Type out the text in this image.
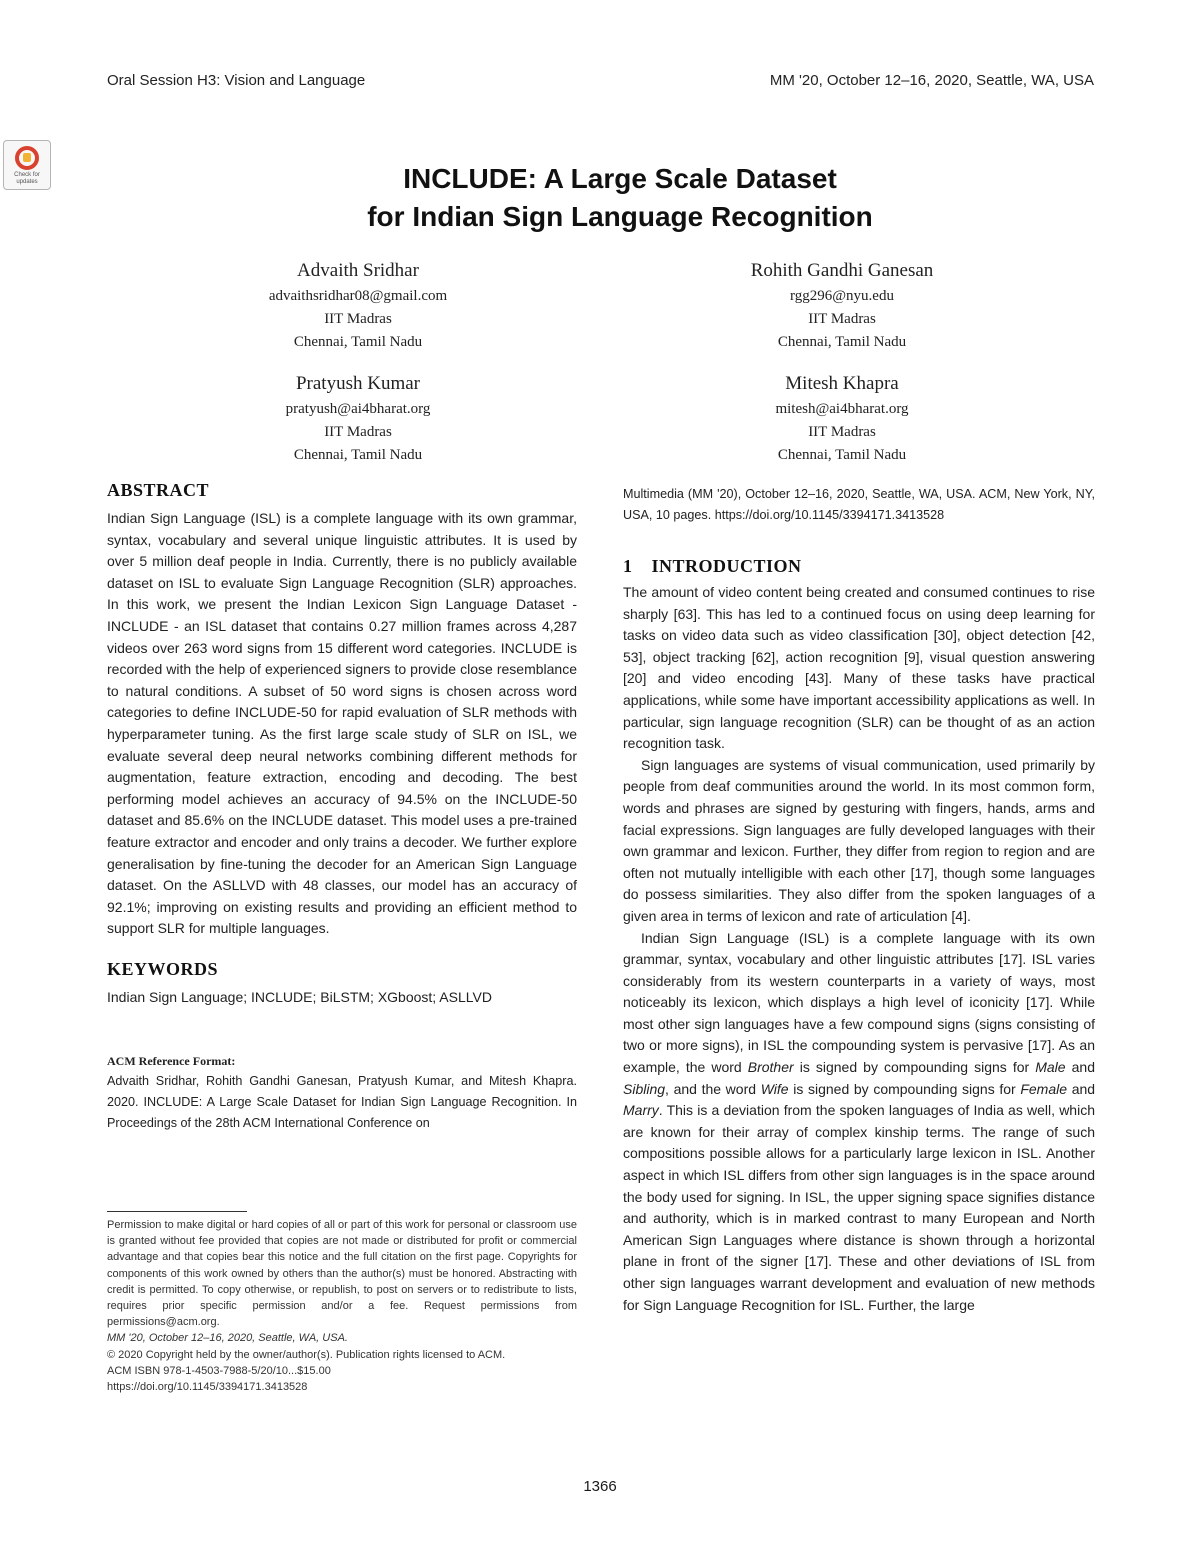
Oral Session H3: Vision and Language	MM '20, October 12–16, 2020, Seattle, WA, USA
Check for updates	INCLUDE: A Large Scale Dataset
for Indian Sign Language Recognition
Advaith Sridhar
advaithsridhar08@gmail.com
IIT Madras
Chennai, Tamil Nadu
Rohith Gandhi Ganesan
rgg296@nyu.edu
IIT Madras
Chennai, Tamil Nadu
Pratyush Kumar
pratyush@ai4bharat.org
IIT Madras
Chennai, Tamil Nadu
Mitesh Khapra
mitesh@ai4bharat.org
IIT Madras
Chennai, Tamil Nadu
ABSTRACT
Indian Sign Language (ISL) is a complete language with its own grammar, syntax, vocabulary and several unique linguistic attributes. It is used by over 5 million deaf people in India. Currently, there is no publicly available dataset on ISL to evaluate Sign Language Recognition (SLR) approaches. In this work, we present the Indian Lexicon Sign Language Dataset - INCLUDE - an ISL dataset that contains 0.27 million frames across 4,287 videos over 263 word signs from 15 different word categories. INCLUDE is recorded with the help of experienced signers to provide close resemblance to natural conditions. A subset of 50 word signs is chosen across word categories to define INCLUDE-50 for rapid evaluation of SLR methods with hyperparameter tuning. As the first large scale study of SLR on ISL, we evaluate several deep neural networks combining different methods for augmentation, feature extraction, encoding and decoding. The best performing model achieves an accuracy of 94.5% on the INCLUDE-50 dataset and 85.6% on the INCLUDE dataset. This model uses a pre-trained feature extractor and encoder and only trains a decoder. We further explore generalisation by fine-tuning the decoder for an American Sign Language dataset. On the ASLLVD with 48 classes, our model has an accuracy of 92.1%; improving on existing results and providing an efficient method to support SLR for multiple languages.
KEYWORDS
Indian Sign Language; INCLUDE; BiLSTM; XGboost; ASLLVD
ACM Reference Format:
Advaith Sridhar, Rohith Gandhi Ganesan, Pratyush Kumar, and Mitesh Khapra. 2020. INCLUDE: A Large Scale Dataset for Indian Sign Language Recognition. In Proceedings of the 28th ACM International Conference on
Permission to make digital or hard copies of all or part of this work for personal or classroom use is granted without fee provided that copies are not made or distributed for profit or commercial advantage and that copies bear this notice and the full citation on the first page. Copyrights for components of this work owned by others than the author(s) must be honored. Abstracting with credit is permitted. To copy otherwise, or republish, to post on servers or to redistribute to lists, requires prior specific permission and/or a fee. Request permissions from permissions@acm.org.
MM '20, October 12–16, 2020, Seattle, WA, USA.
© 2020 Copyright held by the owner/author(s). Publication rights licensed to ACM.
ACM ISBN 978-1-4503-7988-5/20/10...$15.00
https://doi.org/10.1145/3394171.3413528
Multimedia (MM '20), October 12–16, 2020, Seattle, WA, USA. ACM, New York, NY, USA, 10 pages. https://doi.org/10.1145/3394171.3413528
1 INTRODUCTION

The amount of video content being created and consumed continues to rise sharply [63]. This has led to a continued focus on using deep learning for tasks on video data such as video classification [30], object detection [42, 53], object tracking [62], action recognition [9], visual question answering [20] and video encoding [43]. Many of these tasks have practical applications, while some have important accessibility applications as well. In particular, sign language recognition (SLR) can be thought of as an action recognition task.

Sign languages are systems of visual communication, used primarily by people from deaf communities around the world. In its most common form, words and phrases are signed by gesturing with fingers, hands, arms and facial expressions. Sign languages are fully developed languages with their own grammar and lexicon. Further, they differ from region to region and are often not mutually intelligible with each other [17], though some languages do possess similarities. They also differ from the spoken languages of a given area in terms of lexicon and rate of articulation [4].

Indian Sign Language (ISL) is a complete language with its own grammar, syntax, vocabulary and other linguistic attributes [17]. ISL varies considerably from its western counterparts in a variety of ways, most noticeably its lexicon, which displays a high level of iconicity [17]. While most other sign languages have a few compound signs (signs consisting of two or more signs), in ISL the compounding system is pervasive [17]. As an example, the word Brother is signed by compounding signs for Male and Sibling, and the word Wife is signed by compounding signs for Female and Marry. This is a deviation from the spoken languages of India as well, which are known for their array of complex kinship terms. The range of such compositions possible allows for a particularly large lexicon in ISL. Another aspect in which ISL differs from other sign languages is in the space around the body used for signing. In ISL, the upper signing space signifies distance and authority, which is in marked contrast to many European and North American Sign Languages where distance is shown through a horizontal plane in front of the signer [17]. These and other deviations of ISL from other sign languages warrant development and evaluation of new methods for Sign Language Recognition for ISL. Further, the large

1366
